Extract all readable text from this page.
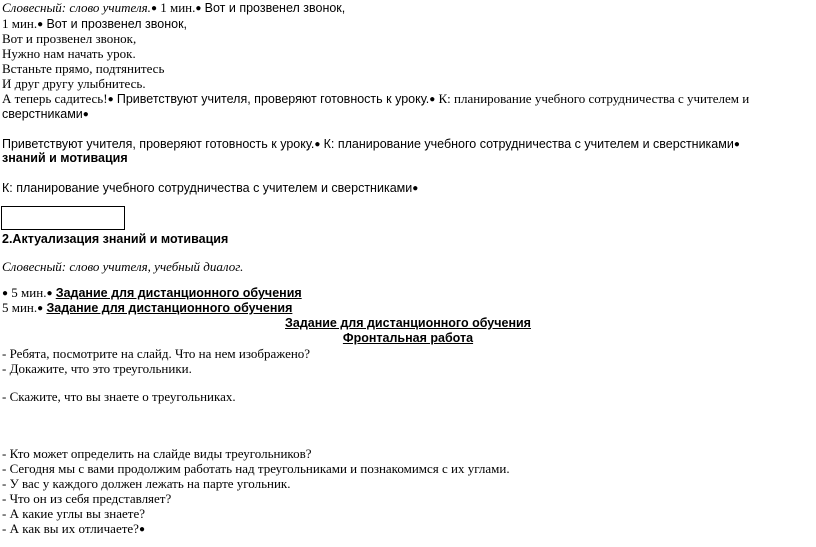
Словесный: слово учителя.● 1 мин.● Вот и прозвенел звонок,
1 мин.● Вот и прозвенел звонок,
Вот и прозвенел звонок,
Нужно нам начать урок.
Встаньте прямо, подтянитесь
И друг другу улыбнитесь.
А теперь садитесь!● Приветствуют учителя, проверяют готовность к уроку.● К: планирование учебного сотрудничества с учителем и
сверстниками●
Приветствуют учителя, проверяют готовность к уроку.● К: планирование учебного сотрудничества с учителем и сверстниками●
знаний и мотивация
К: планирование учебного сотрудничества с учителем и сверстниками●
2.Актуализация знаний и мотивация
Словесный: слово учителя, учебный диалог.
● 5 мин.● Задание для дистанционного обучения
5 мин.● Задание для дистанционного обучения
Задание для дистанционного обучения
Фронтальная работа
- Ребята, посмотрите на слайд. Что на нем изображено?
- Докажите, что это треугольники.
- Скажите, что вы знаете о треугольниках.
- Кто может определить на слайде виды треугольников?
- Сегодня мы с вами продолжим работать над треугольниками и познакомимся с их углами.
- У вас у каждого должен лежать на парте угольник.
- Что он из себя представляет?
- А какие углы вы знаете?
- А как вы их отличаете?●
